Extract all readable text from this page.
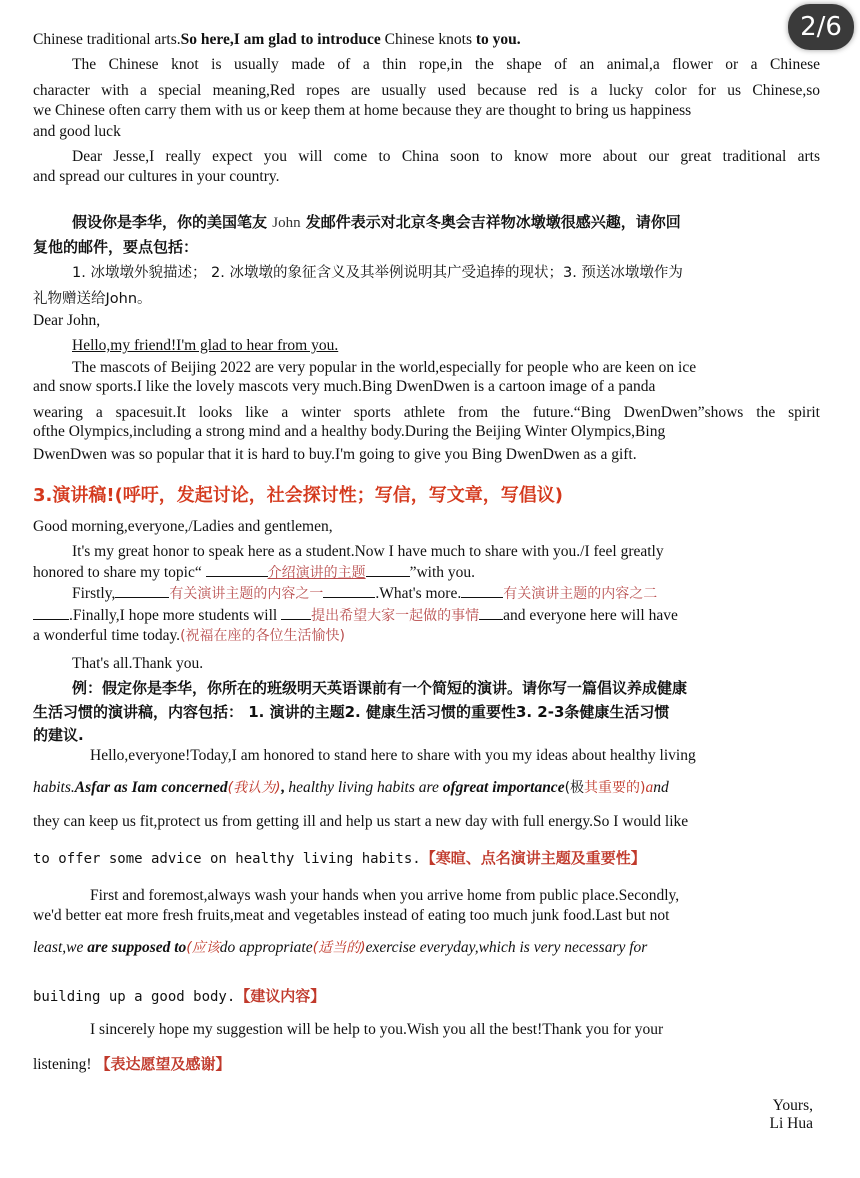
2/6
Chinese traditional arts.So here,I am glad to introduce Chinese knots to you.
The Chinese knot is usually made of a thin rope,in the shape of an animal,a flower or a Chinese
character with a special meaning,Red ropes are usually used because red is a lucky color for us Chinese,so
we Chinese often carry them with us or keep them at home because they are thought to bring us happiness
and good luck
Dear Jesse,I really expect you will come to China soon to know more about our great traditional arts
and spread our cultures in your country.
假设你是李华，你的美国笔友 John 发邮件表示对北京冬奥会吉祥物冰墩墩很感兴趣，请你回
复他的邮件，要点包括：
1. 冰墩墩外貌描述； 2. 冰墩墩的象征含义及其举例说明其广受追捧的现状；3. 预送冰墩墩作为
礼物赠送给John。
Dear John,
Hello,my friend!I'm glad to hear from you.
The mascots of Beijing 2022 are very popular in the world,especially for people who are keen on ice
and snow sports.I like the lovely mascots very much.Bing DwenDwen is a cartoon image of a panda
wearing a spacesuit.It looks like a winter sports athlete from the future.“Bing DwenDwen”shows the spirit
ofthe Olympics,including a strong mind and a healthy body.During the Beijing Winter Olympics,Bing
DwenDwen was so popular that it is hard to buy.I'm going to give you Bing DwenDwen as a gift.
3.演讲稿!(呼吁，发起讨论，社会探讨性；写信，写文章，写倡议)
Good morning,everyone,/Ladies and gentlemen,
It's my great honor to speak here as a student.Now I have much to share with you./I feel greatly
honored to share my topic“	介绍演讲的主题	”with you.
Firstly,	有关演讲主题的内容之一	.What's more.	有关演讲主题的内容之二
.Finally,I hope more students will 提出希望大家一起做的事情 and everyone here will have
a wonderful time today.(祝福在座的各位生活愉快)
That's all.Thank you.
例：假定你是李华，你所在的班级明天英语课前有一个简短的演讲。请你写一篇倡议养成健康
生活习惯的演讲稿，内容包括： 1. 演讲的主题2. 健康生活习惯的重要性3. 2-3条健康生活习惯
的建议.
Hello,everyone!Today,I am honored to stand here to share with you my ideas about healthy living
habits.Asfar as Iam concerned(我认为), healthy living habits are ofgreat importance(极其重要的)and
they can keep us fit,protect us from getting ill and help us start a new day with full energy.So I would like
to offer some advice on healthy living habits.【寒暄、点名演讲主题及重要性】
First and foremost,always wash your hands when you arrive home from public place.Secondly,
we'd better eat more fresh fruits,meat and vegetables instead of eating too much junk food.Last but not
least,we are supposed to(应该do appropriate(适当的)exercise everyday,which is very necessary for
building up a good body.【建议内容】
I sincerely hope my suggestion will be help to you.Wish you all the best!Thank you for your
listening! 【表达愿望及感谢】
Yours,
Li Hua
